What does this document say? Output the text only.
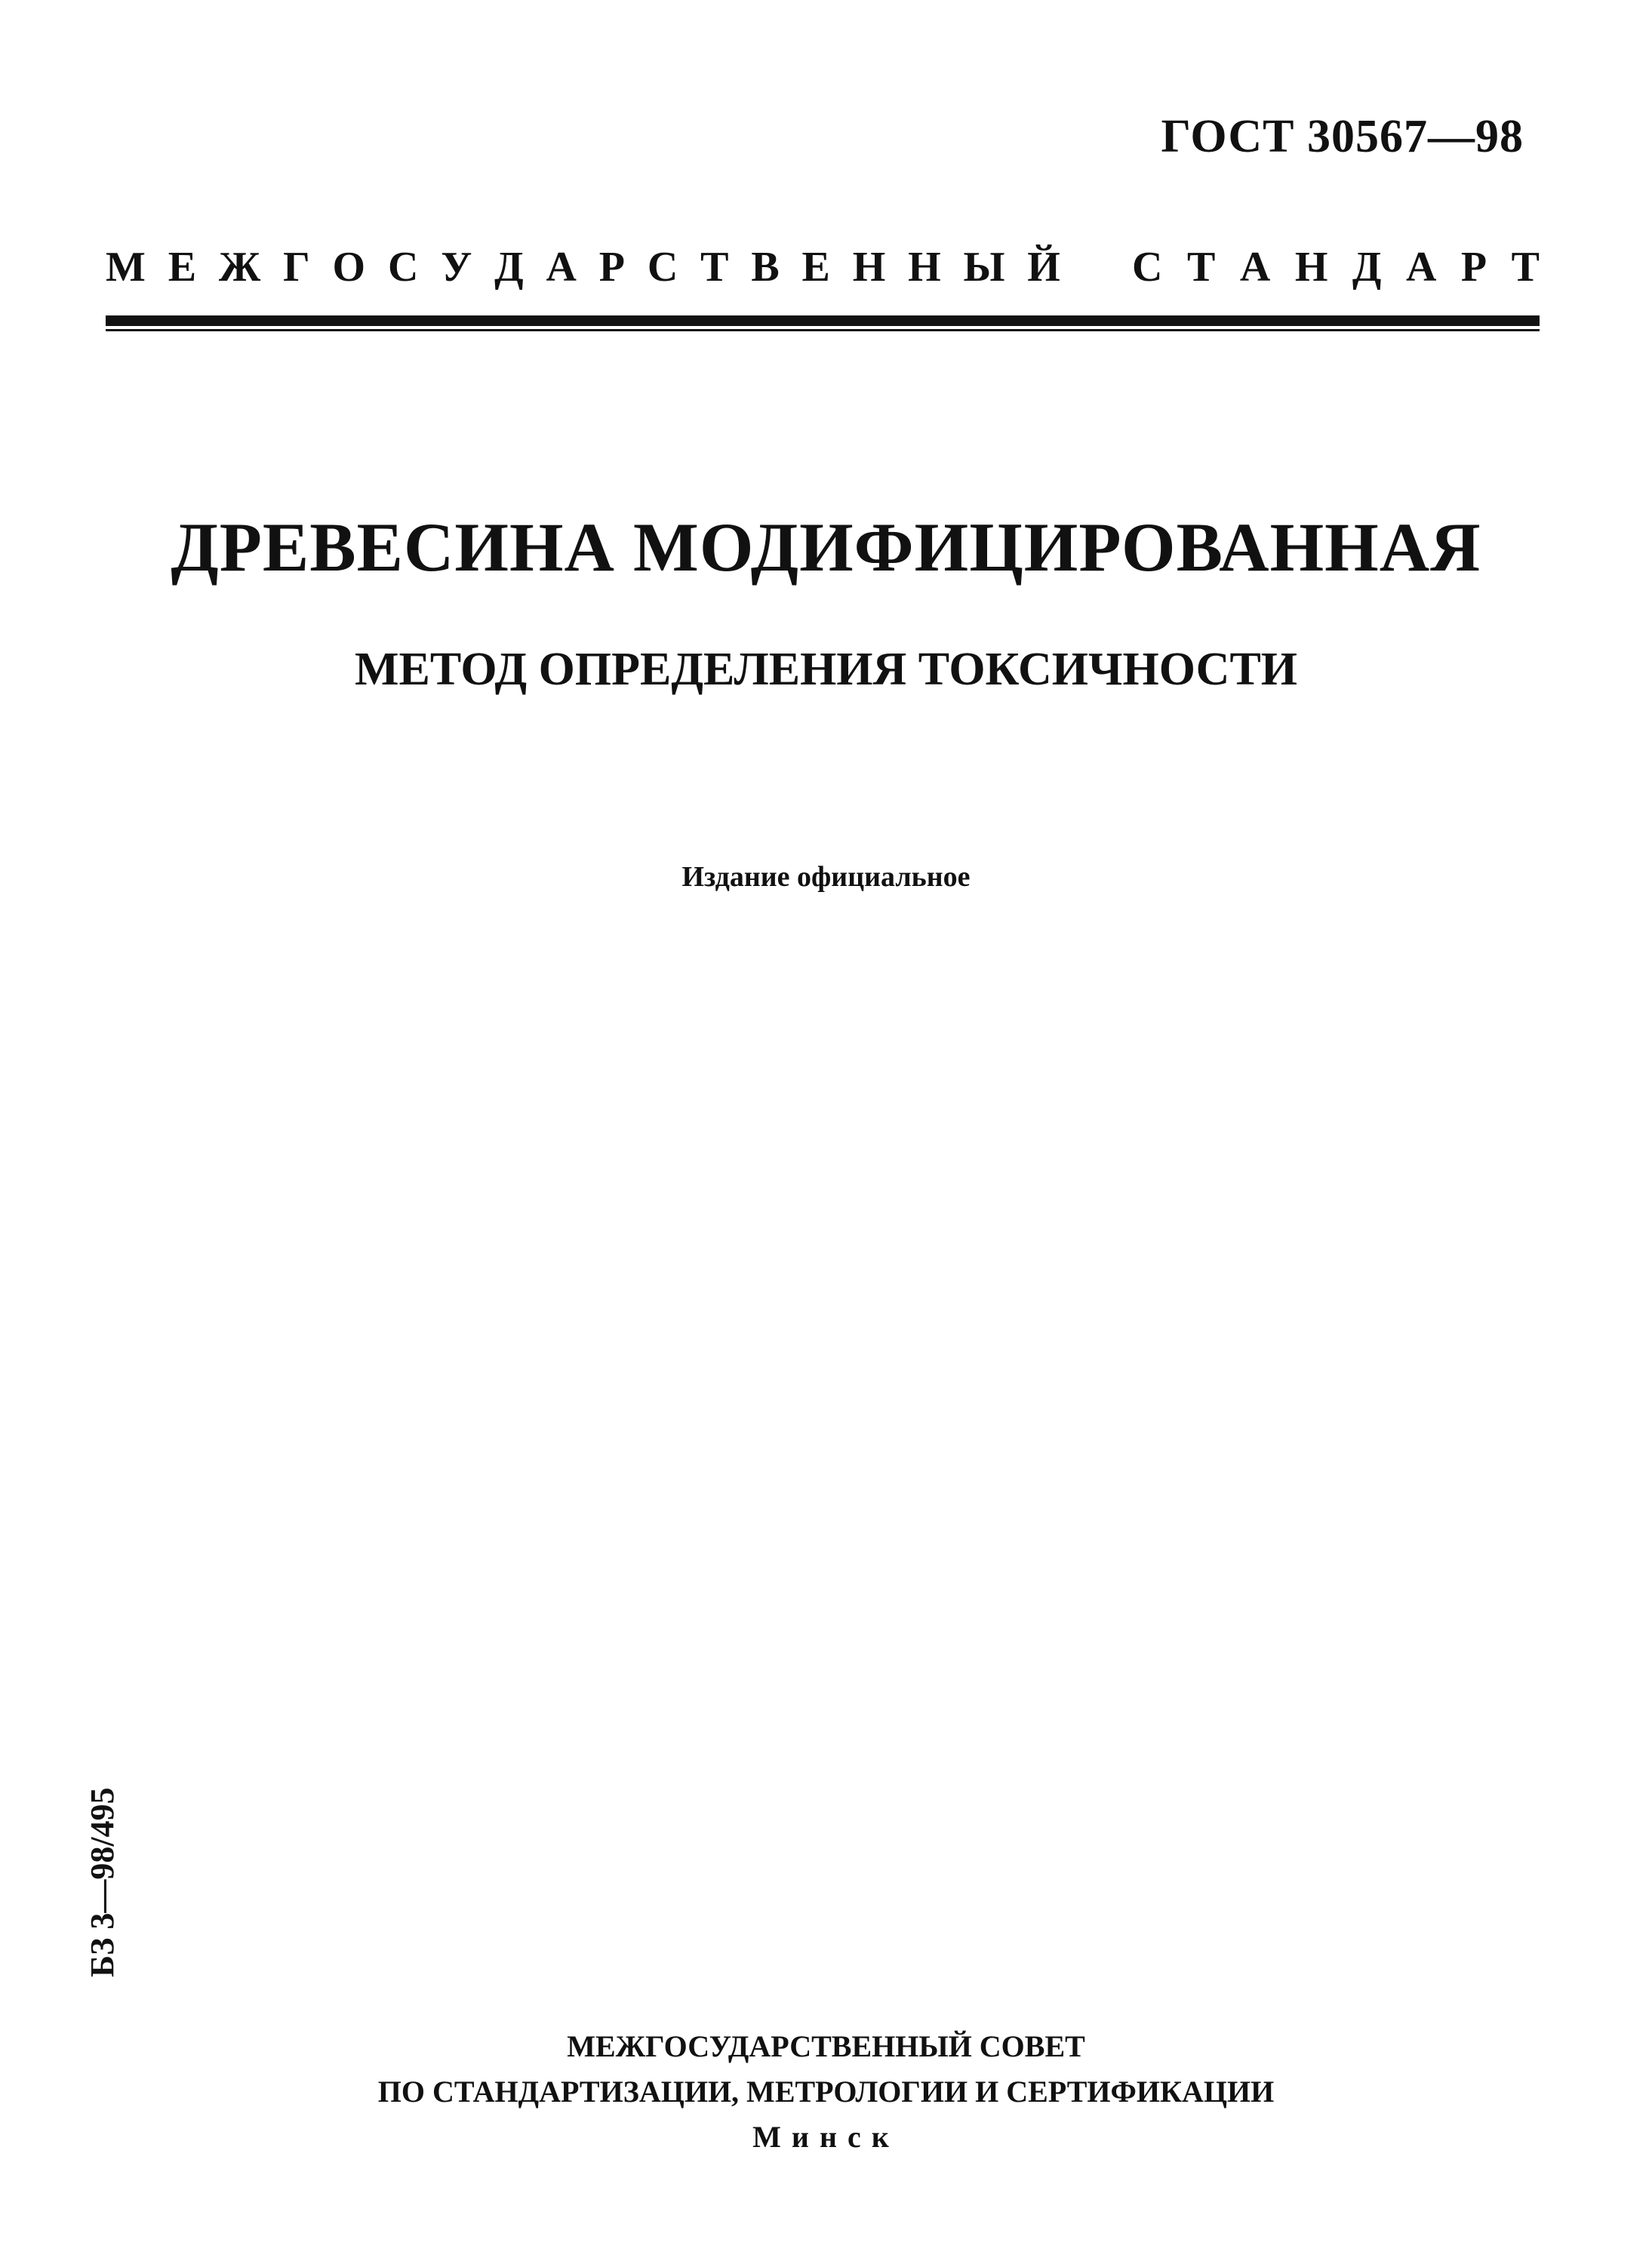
ГОСТ 30567—98
М Е Ж Г О С У Д А Р С Т В Е Н Н Ы Й С Т А Н Д А Р Т
ДРЕВЕСИНА МОДИФИЦИРОВАННАЯ
МЕТОД ОПРЕДЕЛЕНИЯ ТОКСИЧНОСТИ
Издание официальное
БЗ 3—98/495
МЕЖГОСУДАРСТВЕННЫЙ СОВЕТ
ПО СТАНДАРТИЗАЦИИ, МЕТРОЛОГИИ И СЕРТИФИКАЦИИ
Минск
